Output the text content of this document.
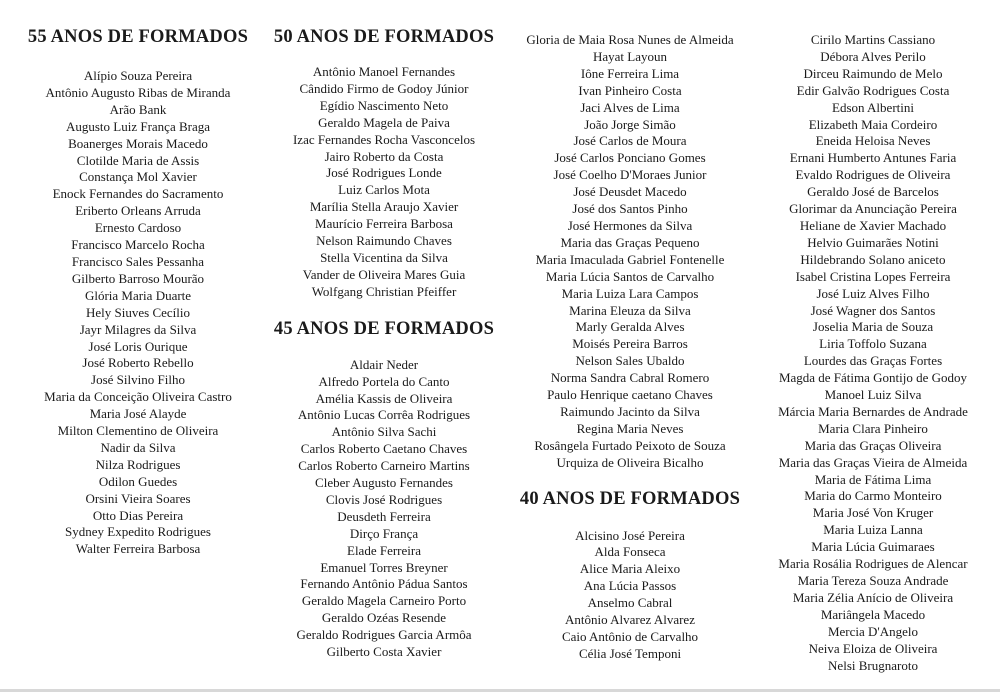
55 ANOS DE FORMADOS
Alípio Souza Pereira
Antônio Augusto Ribas de Miranda
Arão Bank
Augusto Luiz França Braga
Boanerges Morais Macedo
Clotilde Maria de Assis
Constança Mol Xavier
Enock Fernandes do Sacramento
Eriberto Orleans Arruda
Ernesto Cardoso
Francisco Marcelo Rocha
Francisco Sales Pessanha
Gilberto Barroso Mourão
Glória Maria Duarte
Hely Siuves Cecílio
Jayr Milagres da Silva
José Loris Ourique
José Roberto Rebello
José Silvino Filho
Maria da Conceição Oliveira Castro
Maria José Alayde
Milton Clementino de Oliveira
Nadir da Silva
Nilza Rodrigues
Odilon Guedes
Orsini Vieira Soares
Otto Dias Pereira
Sydney Expedito Rodrigues
Walter Ferreira Barbosa
50 ANOS DE FORMADOS
Antônio Manoel Fernandes
Cândido Firmo de Godoy Júnior
Egídio Nascimento Neto
Geraldo Magela de Paiva
Izac Fernandes Rocha Vasconcelos
Jairo Roberto da Costa
José Rodrigues Londe
Luiz Carlos Mota
Marília Stella Araujo Xavier
Maurício Ferreira Barbosa
Nelson Raimundo Chaves
Stella Vicentina da Silva
Vander de Oliveira Mares Guia
Wolfgang Christian Pfeiffer
45 ANOS DE FORMADOS
Aldair Neder
Alfredo Portela do Canto
Amélia Kassis de Oliveira
Antônio Lucas Corrêa Rodrigues
Antônio Silva Sachi
Carlos Roberto Caetano Chaves
Carlos Roberto Carneiro Martins
Cleber Augusto Fernandes
Clovis José Rodrigues
Deusdeth Ferreira
Dirço França
Elade Ferreira
Emanuel Torres Breyner
Fernando Antônio Pádua Santos
Geraldo Magela Carneiro Porto
Geraldo Ozéas Resende
Geraldo Rodrigues Garcia Armôa
Gilberto Costa Xavier
Gloria de Maia Rosa Nunes de Almeida
Hayat Layoun
Iône Ferreira Lima
Ivan Pinheiro Costa
Jaci Alves de Lima
João Jorge Simão
José Carlos de Moura
José Carlos Ponciano Gomes
José Coelho D'Moraes Junior
José Deusdet Macedo
José dos Santos Pinho
José Hermones da Silva
Maria das Graças Pequeno
Maria Imaculada Gabriel Fontenelle
Maria Lúcia Santos de Carvalho
Maria Luiza Lara Campos
Marina Eleuza da Silva
Marly Geralda Alves
Moisés Pereira Barros
Nelson Sales Ubaldo
Norma Sandra Cabral Romero
Paulo Henrique caetano Chaves
Raimundo Jacinto da Silva
Regina Maria Neves
Rosângela Furtado Peixoto de Souza
Urquiza de Oliveira Bicalho
40 ANOS DE FORMADOS
Alcisino José Pereira
Alda Fonseca
Alice Maria Aleixo
Ana Lúcia Passos
Anselmo Cabral
Antônio Alvarez Alvarez
Caio Antônio de Carvalho
Célia José Temponi
Cirilo Martins Cassiano
Débora Alves Perilo
Dirceu Raimundo de Melo
Edir Galvão Rodrigues Costa
Edson Albertini
Elizabeth Maia Cordeiro
Eneida Heloisa Neves
Ernani Humberto Antunes Faria
Evaldo Rodrigues de Oliveira
Geraldo José de Barcelos
Glorimar da Anunciação Pereira
Heliane de Xavier Machado
Helvio Guimarães Notini
Hildebrando Solano aniceto
Isabel Cristina Lopes Ferreira
José Luiz Alves Filho
José Wagner dos Santos
Joselia Maria de Souza
Liria Toffolo Suzana
Lourdes das Graças Fortes
Magda de Fátima Gontijo de Godoy
Manoel Luiz Silva
Márcia Maria Bernardes de Andrade
Maria Clara Pinheiro
Maria das Graças Oliveira
Maria das Graças Vieira de Almeida
Maria de Fátima Lima
Maria do Carmo Monteiro
Maria José Von Kruger
Maria Luiza Lanna
Maria Lúcia Guimaraes
Maria Rosália Rodrigues de Alencar
Maria Tereza Souza Andrade
Maria Zélia Anício de Oliveira
Mariângela Macedo
Mercia D'Angelo
Neiva Eloiza de Oliveira
Nelsi Brugnaroto
